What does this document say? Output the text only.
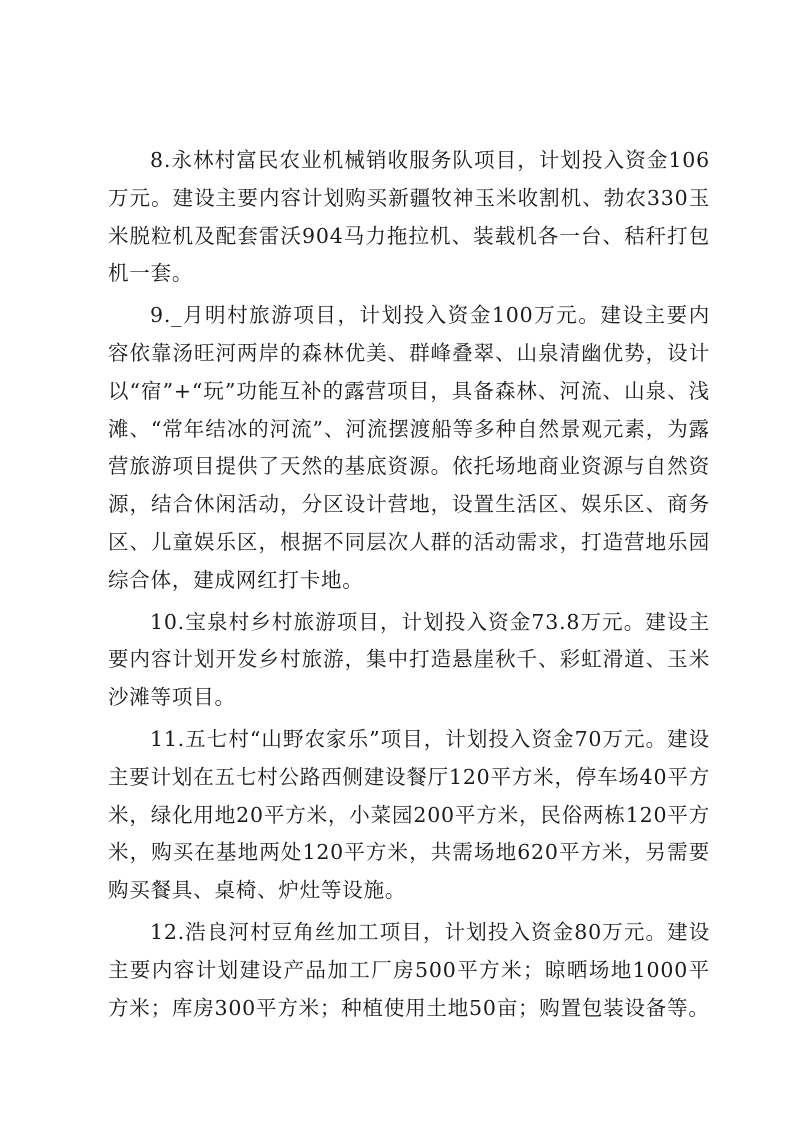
8.永林村富民农业机械销收服务队项目，计划投入资金106万元。建设主要内容计划购买新疆牧神玉米收割机、勃农330玉米脱粒机及配套雷沃904马力拖拉机、装载机各一台、秸秆打包机一套。

9._月明村旅游项目，计划投入资金100万元。建设主要内容依靠汤旺河两岸的森林优美、群峰叠翠、山泉清幽优势，设计以“宿”+“玩”功能互补的露营项目，具备森林、河流、山泉、浅滩、“常年结冰的河流”、河流摆渡船等多种自然景观元素，为露营旅游项目提供了天然的基底资源。依托场地商业资源与自然资源，结合休闲活动，分区设计营地，设置生活区、娱乐区、商务区、儿童娱乐区，根据不同层次人群的活动需求，打造营地乐园综合体，建成网红打卡地。

10.宝泉村乡村旅游项目，计划投入资金73.8万元。建设主要内容计划开发乡村旅游，集中打造悬崖秋千、彩虹滑道、玉米沙滩等项目。

11.五七村“山野农家乐”项目，计划投入资金70万元。建设主要计划在五七村公路西侧建设餐厅120平方米，停车场40平方米，绿化用地20平方米，小菜园200平方米，民俗两栋120平方米，购买在基地两处120平方米，共需场地620平方米，另需要购买餐具、桌椅、炉灶等设施。

12.浩良河村豆角丝加工项目，计划投入资金80万元。建设主要内容计划建设产品加工厂房500平方米；晾晒场地1000平方米；库房300平方米；种植使用土地50亩；购置包装设备等。
